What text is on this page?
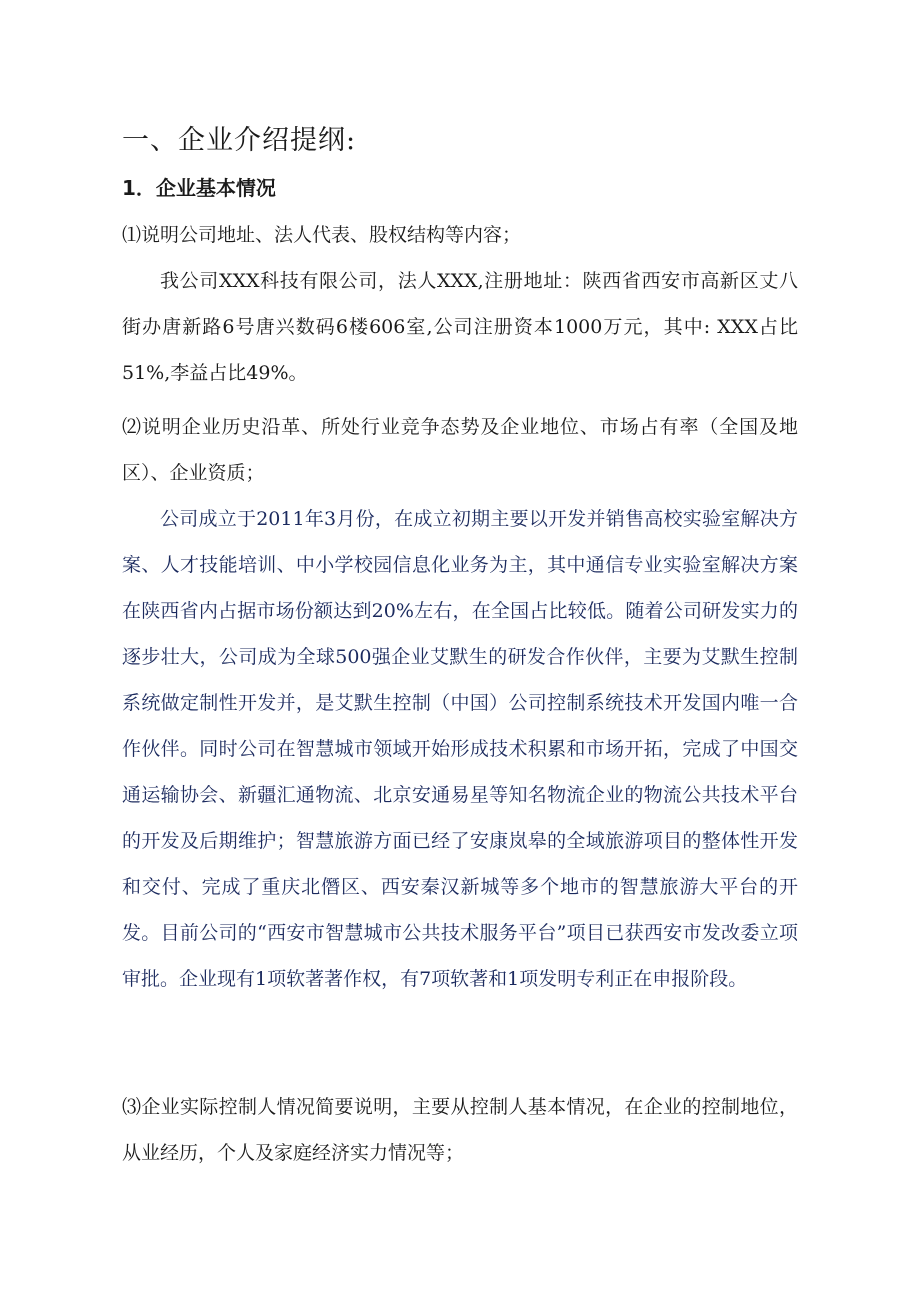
一、企业介绍提纲:
1．企业基本情况

⑴说明公司地址、法人代表、股权结构等内容；

我公司XXX科技有限公司，法人XXX,注册地址：陕西省西安市高新区丈八街办唐新路6号唐兴数码6楼606室,公司注册资本1000万元，其中: XXX占比51%,李益占比49%。

⑵说明企业历史沿革、所处行业竞争态势及企业地位、市场占有率（全国及地区）、企业资质；

公司成立于2011年3月份，在成立初期主要以开发并销售高校实验室解决方案、人才技能培训、中小学校园信息化业务为主，其中通信专业实验室解决方案在陕西省内占据市场份额达到20%左右，在全国占比较低。随着公司研发实力的逐步壮大，公司成为全球500强企业艾默生的研发合作伙伴，主要为艾默生控制系统做定制性开发并，是艾默生控制（中国）公司控制系统技术开发国内唯一合作伙伴。同时公司在智慧城市领域开始形成技术积累和市场开拓，完成了中国交通运输协会、新疆汇通物流、北京安通易星等知名物流企业的物流公共技术平台的开发及后期维护；智慧旅游方面已经了安康岚皋的全域旅游项目的整体性开发和交付、完成了重庆北僭区、西安秦汉新城等多个地市的智慧旅游大平台的开发。目前公司的“西安市智慧城市公共技术服务平台”项目已获西安市发改委立项审批。企业现有1项软著著作权，有7项软著和1项发明专利正在申报阶段。

⑶企业实际控制人情况简要说明，主要从控制人基本情况，在企业的控制地位，从业经历，个人及家庭经济实力情况等；
